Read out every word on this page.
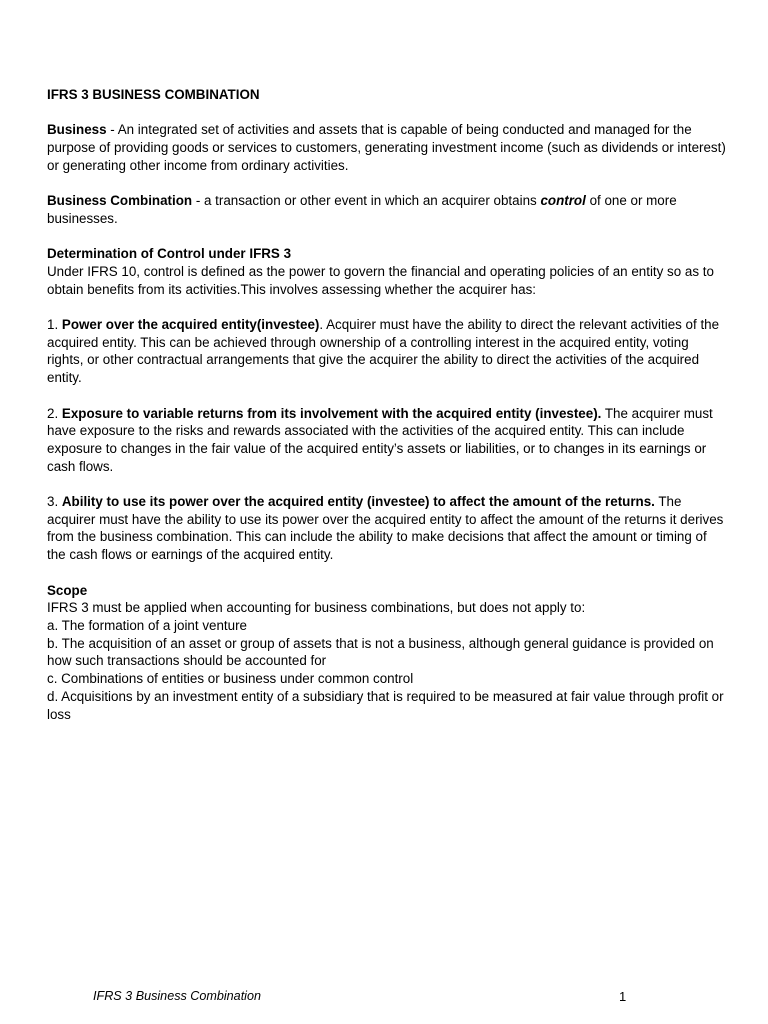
IFRS 3 BUSINESS COMBINATION

Business - An integrated set of activities and assets that is capable of being conducted and managed for the purpose of providing goods or services to customers, generating investment income (such as dividends or interest) or generating other income from ordinary activities.

Business Combination - a transaction or other event in which an acquirer obtains control of one or more businesses.

Determination of Control under IFRS 3
Under IFRS 10, control is defined as the power to govern the financial and operating policies of an entity so as to obtain benefits from its activities.This involves assessing whether the acquirer has:

1. Power over the acquired entity(investee). Acquirer must have the ability to direct the relevant activities of the acquired entity. This can be achieved through ownership of a controlling interest in the acquired entity, voting rights, or other contractual arrangements that give the acquirer the ability to direct the activities of the acquired entity.

2. Exposure to variable returns from its involvement with the acquired entity (investee). The acquirer must have exposure to the risks and rewards associated with the activities of the acquired entity. This can include exposure to changes in the fair value of the acquired entity’s assets or liabilities, or to changes in its earnings or cash flows.

3. Ability to use its power over the acquired entity (investee) to affect the amount of the returns. The acquirer must have the ability to use its power over the acquired entity to affect the amount of the returns it derives from the business combination. This can include the ability to make decisions that affect the amount or timing of the cash flows or earnings of the acquired entity.

Scope
IFRS 3 must be applied when accounting for business combinations, but does not apply to:
a. The formation of a joint venture
b. The acquisition of an asset or group of assets that is not a business, although general guidance is provided on how such transactions should be accounted for
c. Combinations of entities or business under common control
d. Acquisitions by an investment entity of a subsidiary that is required to be measured at fair value through profit or loss

IFRS 3 Business Combination	1
